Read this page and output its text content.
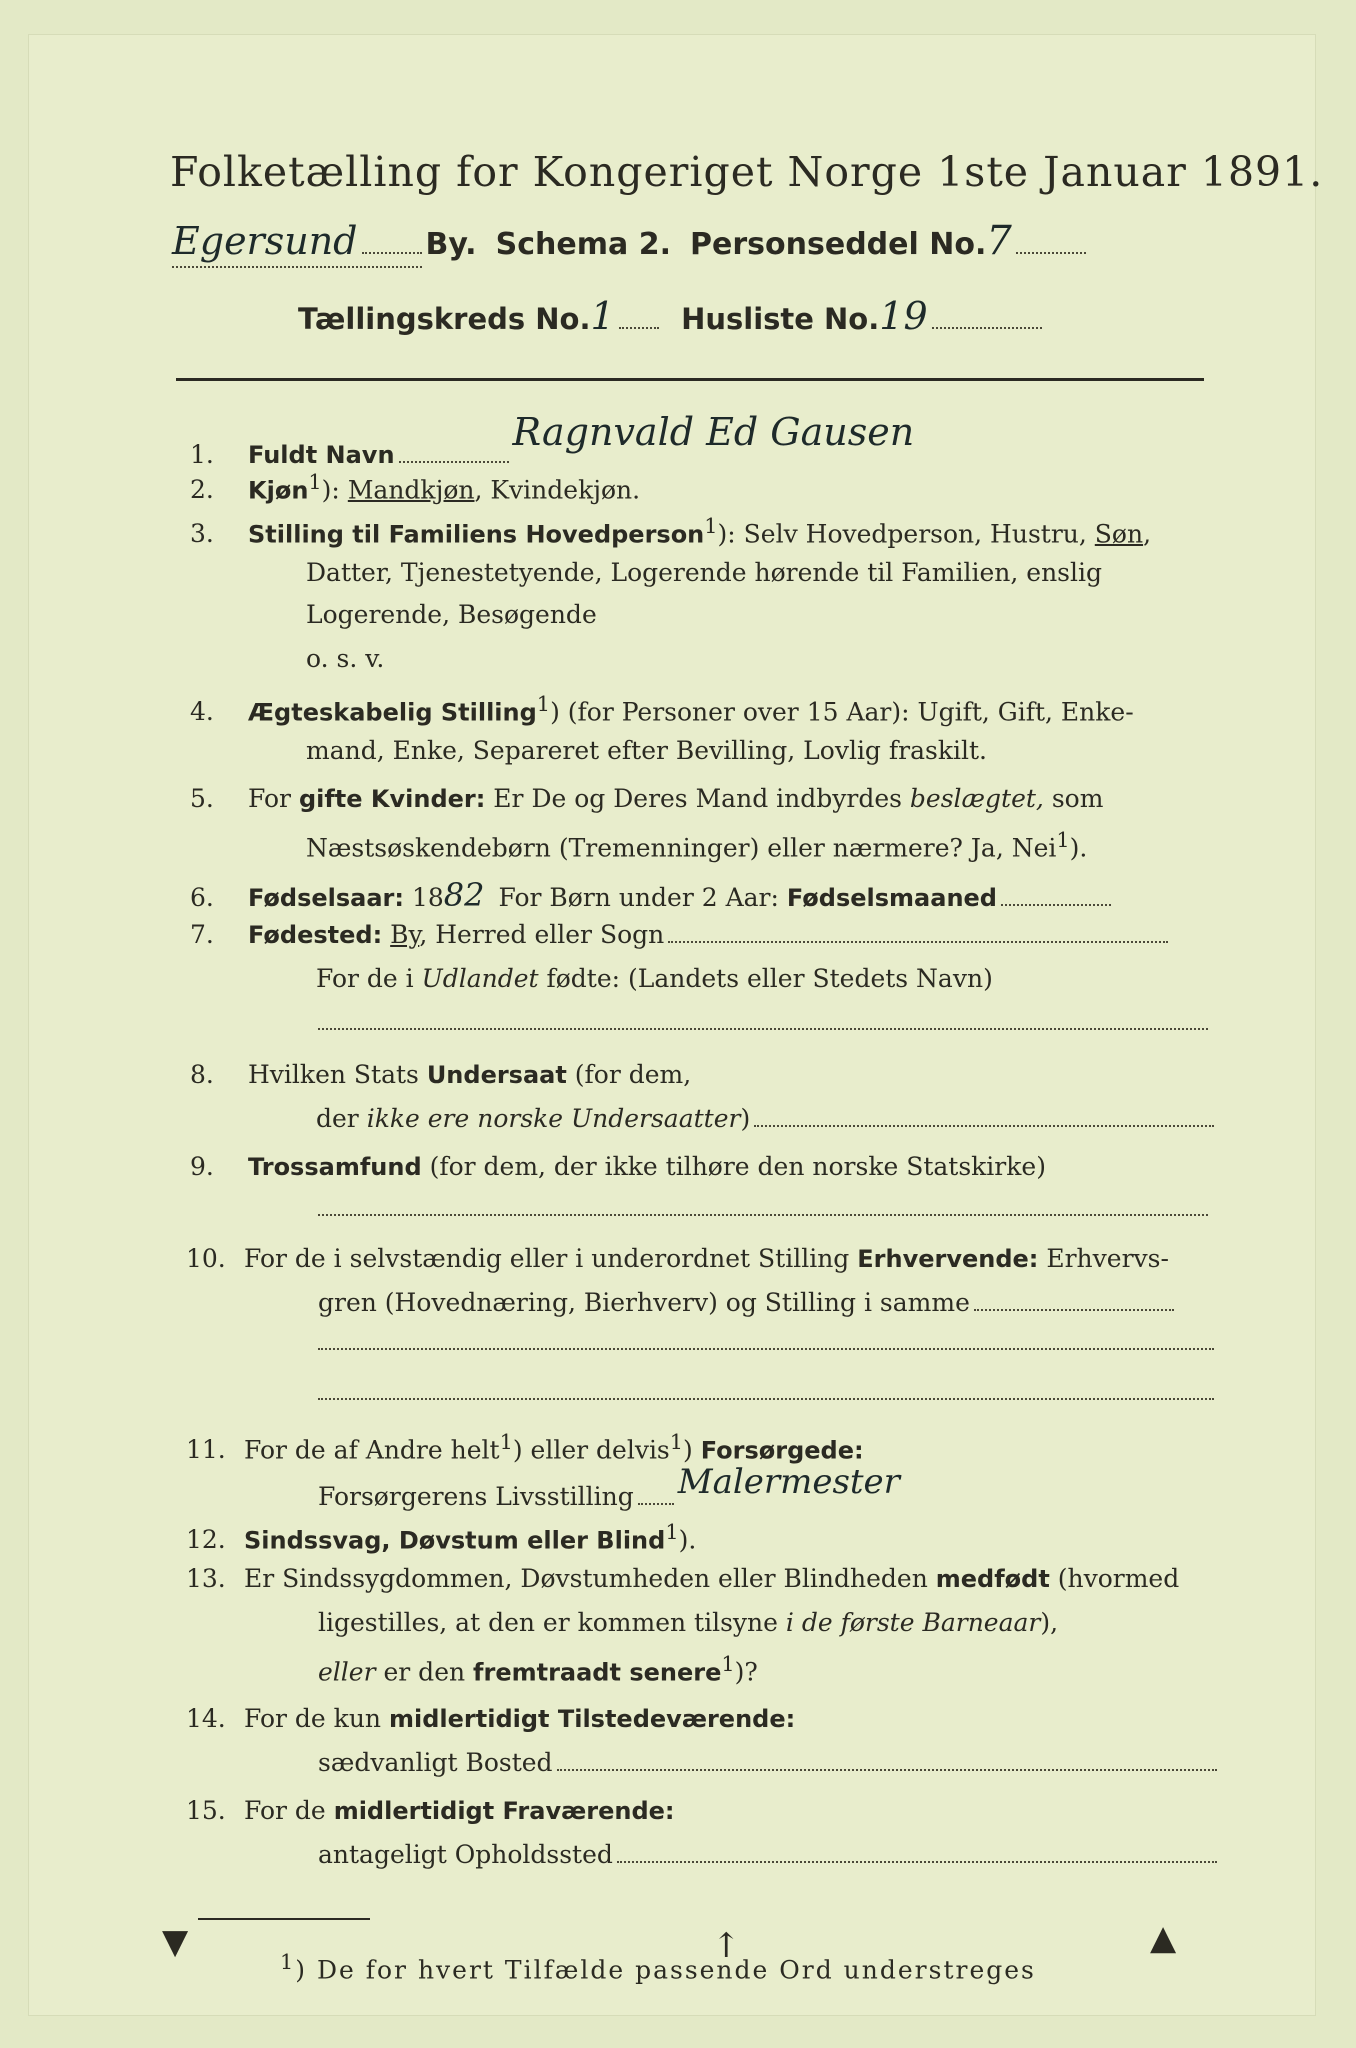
Folketælling for Kongeriget Norge 1ste Januar 1891.
Egersund By. Schema 2. Personseddel No.7
Tællingskreds No.1 Husliste No.19
1. Fuldt NavnRagnvald Ed Gausen
2. Kjøn$^1$): Mandkjøn, Kvindekjøn.
3. Stilling til Familiens Hovedperson$^1$): Selv Hovedperson, Hustru, Søn,
Datter, Tjenestetyende, Logerende hørende til Familien, enslig
Logerende, Besøgende
o. s. v.
4. Ægteskabelig Stilling$^1$) (for Personer over 15 Aar): Ugift, Gift, Enke-
mand, Enke, Separeret efter Bevilling, Lovlig fraskilt.
5. For gifte Kvinder: Er De og Deres Mand indbyrdes beslægtet, som
Næstsøskendebørn (Tremenninger) eller nærmere? Ja, Nei$^1$).
6. Fødselsaar: 1882 For Børn under 2 Aar: Fødselsmaaned
7. Fødested: By, Herred eller Sogn
For de i Udlandet fødte: (Landets eller Stedets Navn)
8. Hvilken Stats Undersaat (for dem,
der ikke ere norske Undersaatter)
9. Trossamfund (for dem, der ikke tilhøre den norske Statskirke)
10. For de i selvstændig eller i underordnet Stilling Erhvervende: Erhvervs-
gren (Hovednæring, Bierhverv) og Stilling i samme
11. For de af Andre helt$^1$) eller delvis$^1$) Forsørgede:
Forsørgerens Livsstilling Malermester
12. Sindssvag, Døvstum eller Blind$^1$).
13. Er Sindssygdommen, Døvstumheden eller Blindheden medfødt (hvormed
ligestilles, at den er kommen tilsyne i de første Barneaar),
eller er den fremtraadt senere$^1$)?
14. For de kun midlertidigt Tilstedeværende:
sædvanligt Bosted
15. For de midlertidigt Fraværende:
antageligt Opholdssted
$^1$) De for hvert Tilfælde passende Ord understreges
▼	↑	▲
